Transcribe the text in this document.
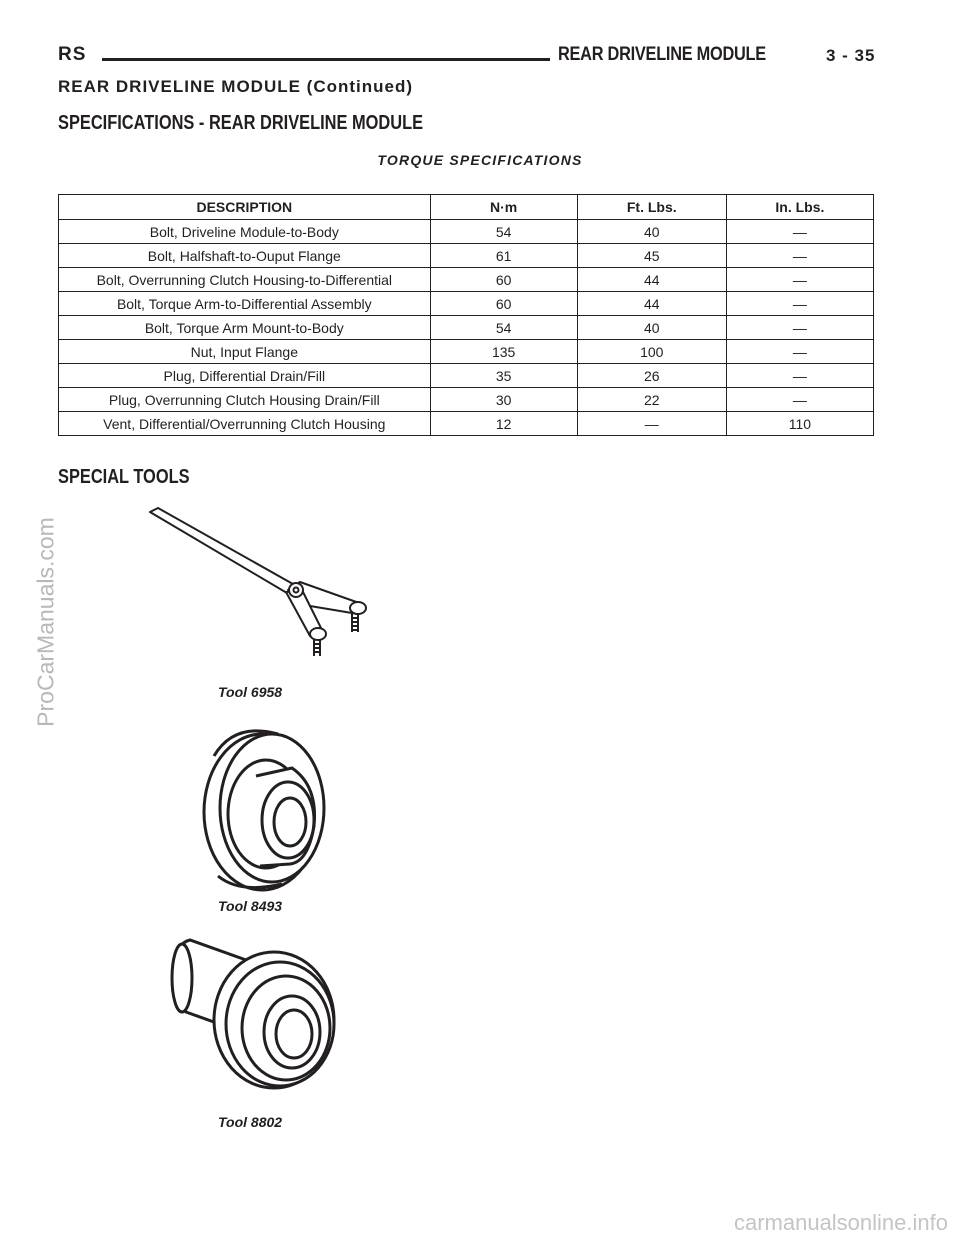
RS	REAR DRIVELINE MODULE	3 - 35
REAR DRIVELINE MODULE (Continued)
SPECIFICATIONS - REAR DRIVELINE MODULE
TORQUE SPECIFICATIONS
DESCRIPTION	N·m	Ft. Lbs.	In. Lbs.
Bolt, Driveline Module-to-Body	54	40	—
Bolt, Halfshaft-to-Ouput Flange	61	45	—
Bolt, Overrunning Clutch Housing-to-Differential	60	44	—
Bolt, Torque Arm-to-Differential Assembly	60	44	—
Bolt, Torque Arm Mount-to-Body	54	40	—
Nut, Input Flange	135	100	—
Plug, Differential Drain/Fill	35	26	—
Plug, Overrunning Clutch Housing Drain/Fill	30	22	—
Vent, Differential/Overrunning Clutch Housing	12	—	110
SPECIAL TOOLS
Tool 6958
Tool 8493
Tool 8802
ProCarManuals.com
carmanualsonline.info
